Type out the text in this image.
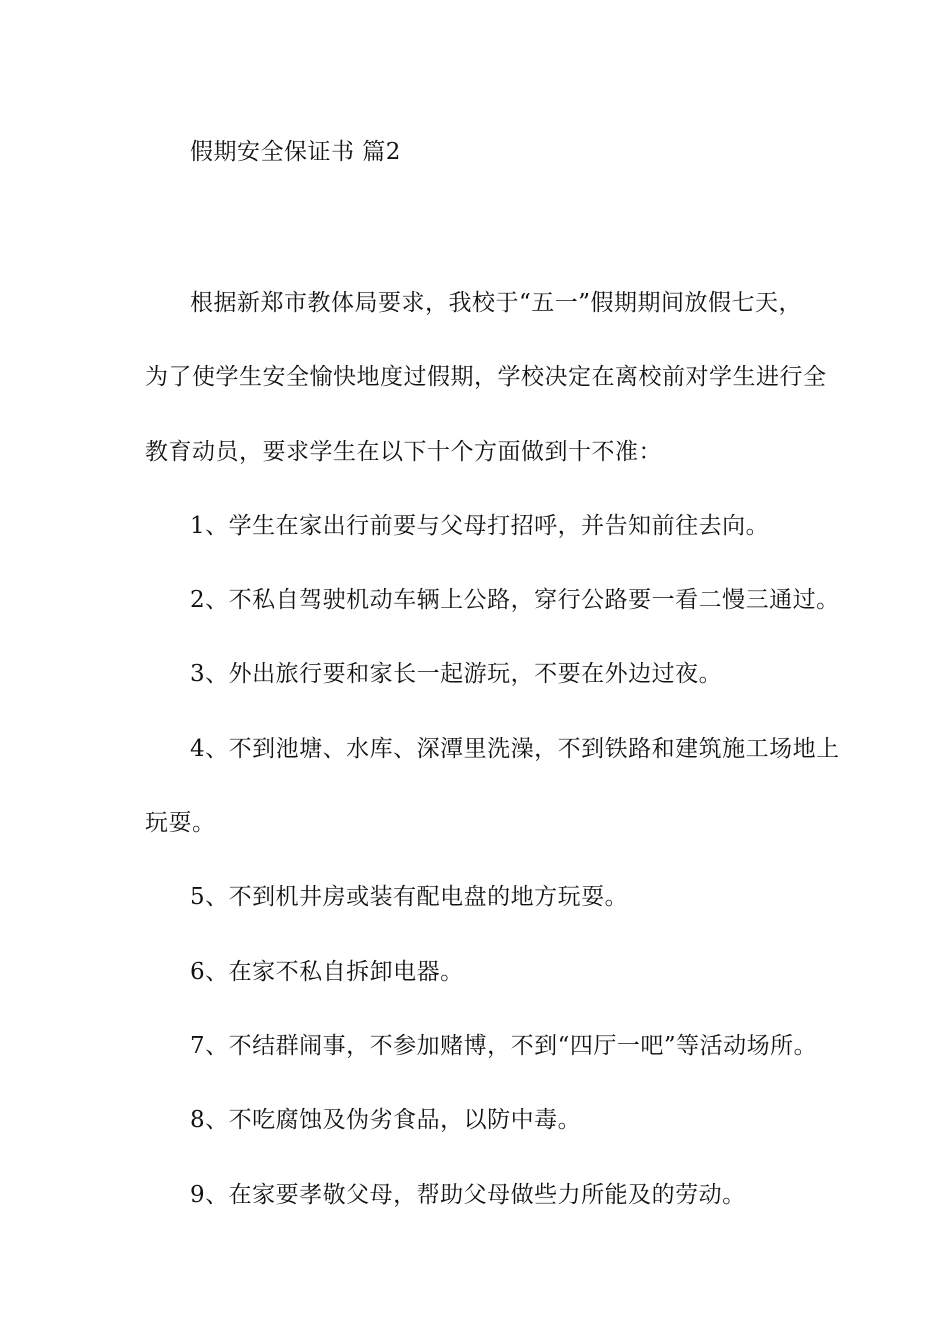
假期安全保证书 篇2
根据新郑市教体局要求，我校于“五一”假期期间放假七天，
为了使学生安全愉快地度过假期，学校决定在离校前对学生进行全
教育动员，要求学生在以下十个方面做到十不准：
1、学生在家出行前要与父母打招呼，并告知前往去向。
2、不私自驾驶机动车辆上公路，穿行公路要一看二慢三通过。
3、外出旅行要和家长一起游玩，不要在外边过夜。
4、不到池塘、水库、深潭里洗澡，不到铁路和建筑施工场地上
玩耍。
5、不到机井房或装有配电盘的地方玩耍。
6、在家不私自拆卸电器。
7、不结群闹事，不参加赌博，不到“四厅一吧”等活动场所。
8、不吃腐蚀及伪劣食品，以防中毒。
9、在家要孝敬父母，帮助父母做些力所能及的劳动。
